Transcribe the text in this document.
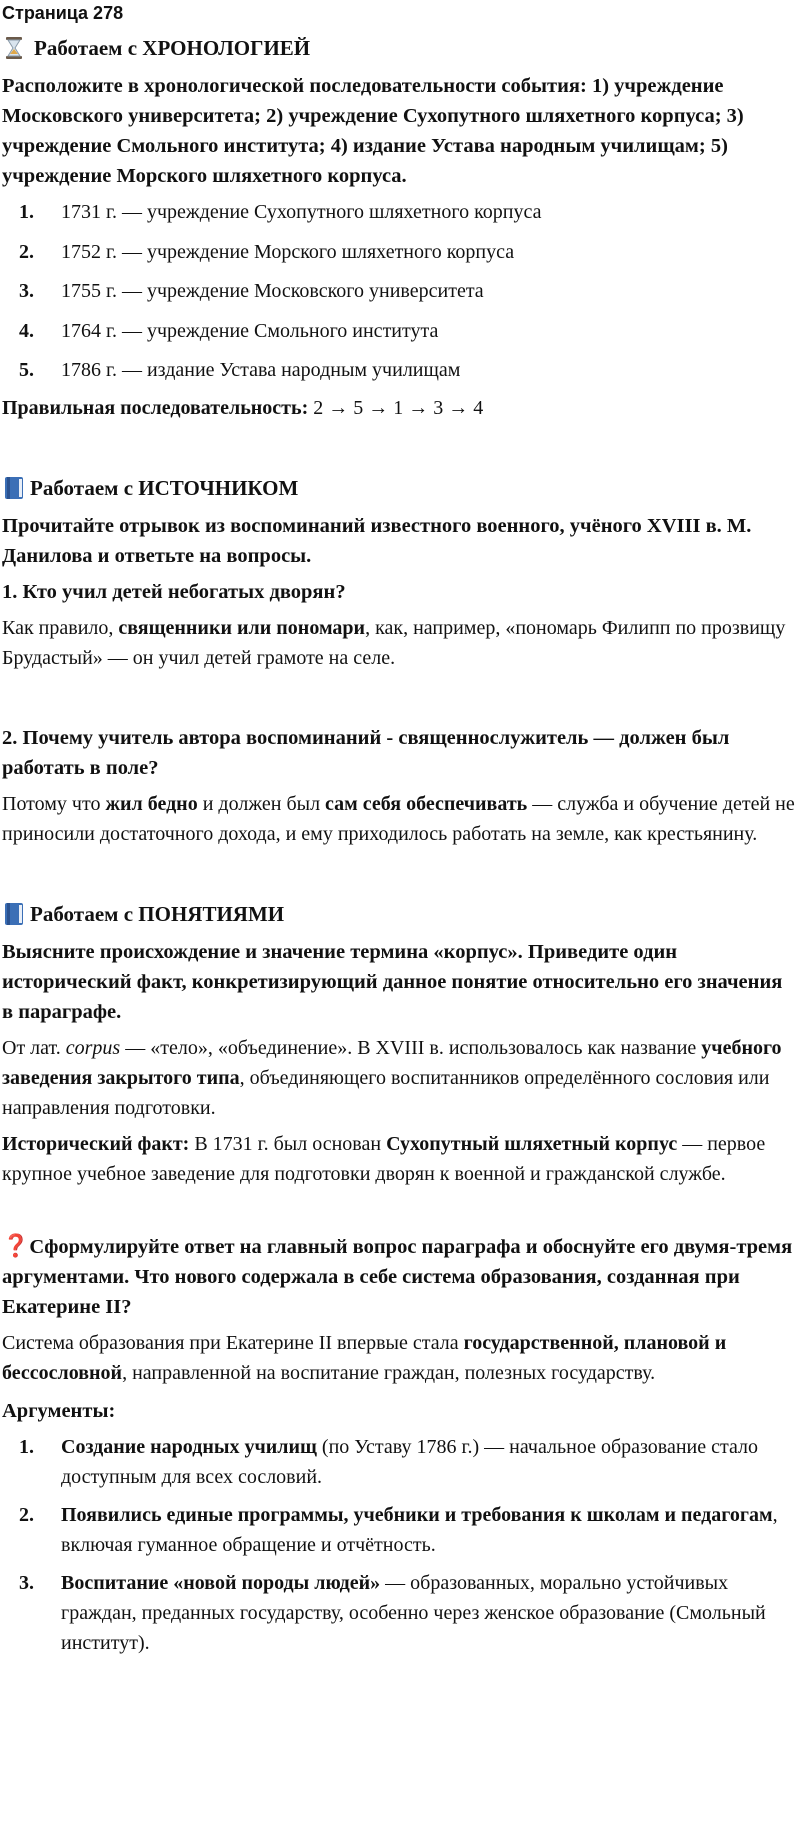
Страница 278
Работаем с ХРОНОЛОГИЕЙ
Расположите в хронологической последовательности события: 1) учреждение Московского университета; 2) учреждение Сухопутного шляхетного корпуса; 3) учреждение Смольного института; 4) издание Устава народным училищам; 5) учреждение Морского шляхетного корпуса.
1. 1731 г. — учреждение Сухопутного шляхетного корпуса
2. 1752 г. — учреждение Морского шляхетного корпуса
3. 1755 г. — учреждение Московского университета
4. 1764 г. — учреждение Смольного института
5. 1786 г. — издание Устава народным училищам

Правильная последовательность: 2 → 5 → 1 → 3 → 4

Работаем с ИСТОЧНИКОМ
Прочитайте отрывок из воспоминаний известного военного, учёного XVIII в. М. Данилова и ответьте на вопросы.
1. Кто учил детей небогатых дворян?

Как правило, священники или пономари, как, например, «пономарь Филипп по прозвищу Брудастый» — он учил детей грамоте на селе.

2. Почему учитель автора воспоминаний - священнослужитель — должен был работать в поле?

Потому что жил бедно и должен был сам себя обеспечивать — служба и обучение детей не приносили достаточного дохода, и ему приходилось работать на земле, как крестьянину.

Работаем с ПОНЯТИЯМИ
Выясните происхождение и значение термина «корпус». Приведите один исторический факт, конкретизирующий данное понятие относительно его значения в параграфе.

От лат. corpus — «тело», «объединение». В XVIII в. использовалось как название учебного заведения закрытого типа, объединяющего воспитанников определённого сословия или направления подготовки.

Исторический факт: В 1731 г. был основан Сухопутный шляхетный корпус — первое крупное учебное заведение для подготовки дворян к военной и гражданской службе.

❓Сформулируйте ответ на главный вопрос параграфа и обоснуйте его двумя-тремя аргументами. Что нового содержала в себе система образования, созданная при Екатерине II?

Система образования при Екатерине II впервые стала государственной, плановой и бессословной, направленной на воспитание граждан, полезных государству.

Аргументы:
1. Создание народных училищ (по Уставу 1786 г.) — начальное образование стало доступным для всех сословий.
2. Появились единые программы, учебники и требования к школам и педагогам, включая гуманное обращение и отчётность.
3. Воспитание «новой породы людей» — образованных, морально устойчивых граждан, преданных государству, особенно через женское образование (Смольный институт).
